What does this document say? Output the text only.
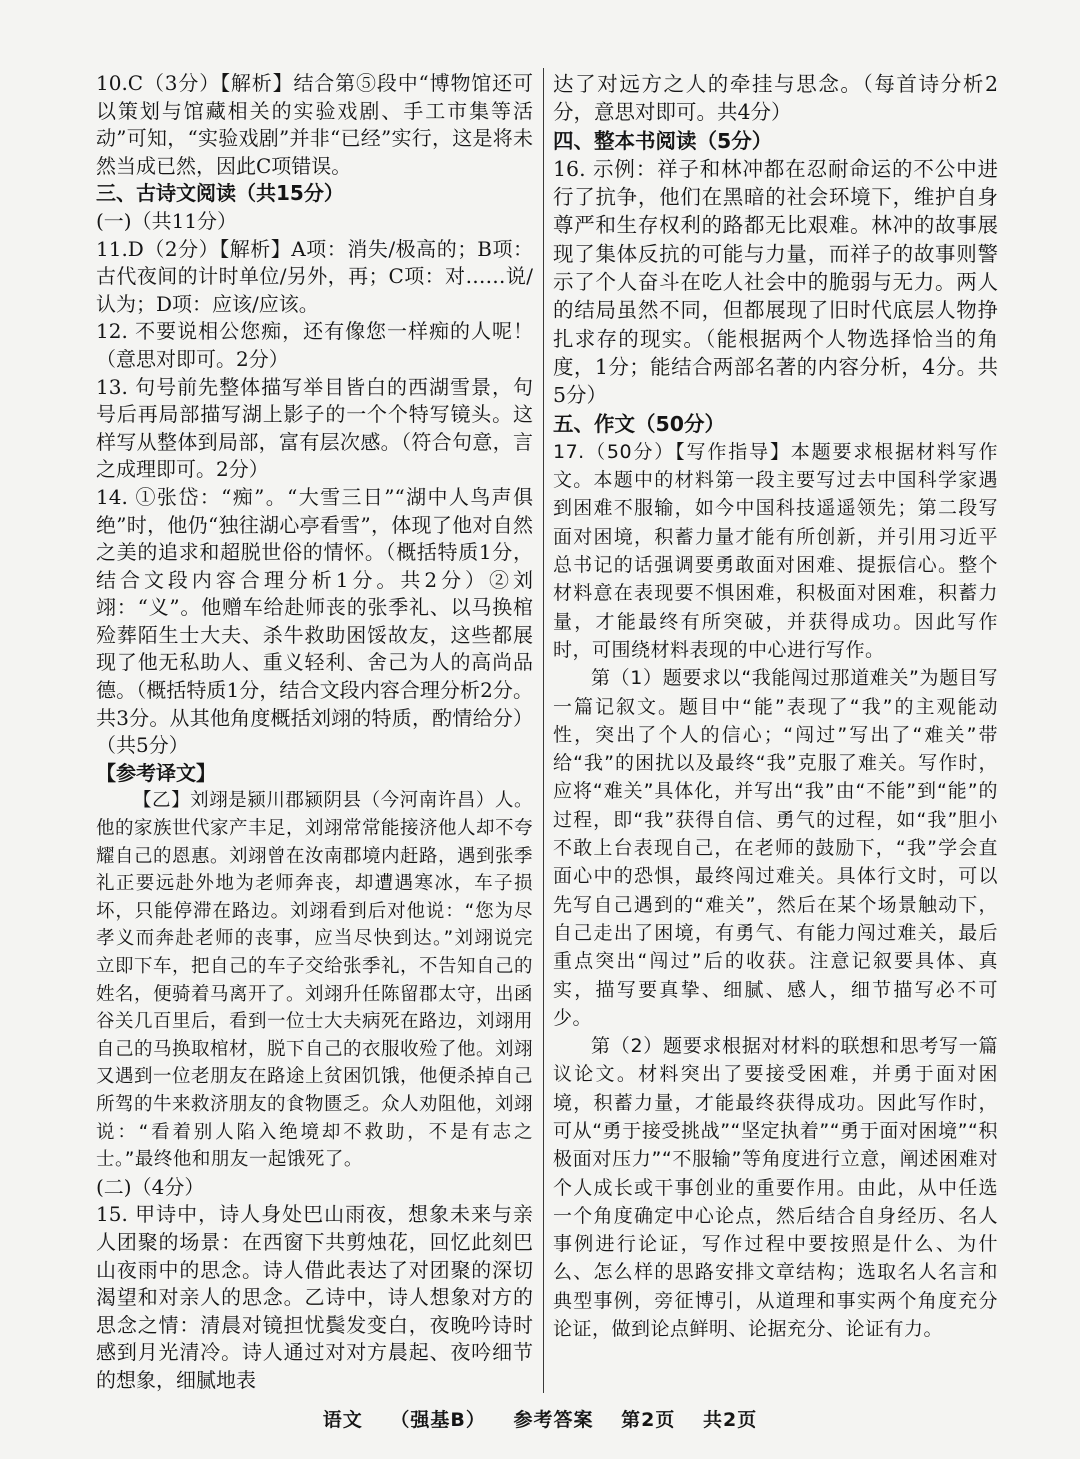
10.C（3分）【解析】结合第⑤段中“博物馆还可以策划与馆藏相关的实验戏剧、手工市集等活动”可知，“实验戏剧”并非“已经”实行，这是将未然当成已然，因此C项错误。

三、古诗文阅读（共15分）

(一)（共11分）

11.D（2分）【解析】A项：消失/极高的；B项：古代夜间的计时单位/另外，再；C项：对……说/认为；D项：应该/应该。

12. 不要说相公您痴，还有像您一样痴的人呢！（意思对即可。2分）

13. 句号前先整体描写举目皆白的西湖雪景，句号后再局部描写湖上影子的一个个特写镜头。这样写从整体到局部，富有层次感。（符合句意，言之成理即可。2分）

14. ①张岱：“痴”。“大雪三日”“湖中人鸟声俱绝”时，他仍“独往湖心亭看雪”，体现了他对自然之美的追求和超脱世俗的情怀。（概括特质1分，结合文段内容合理分析1分。共2分）②刘翊：“义”。他赠车给赴师丧的张季礼、以马换棺殓葬陌生士大夫、杀牛救助困馁故友，这些都展现了他无私助人、重义轻利、舍己为人的高尚品德。（概括特质1分，结合文段内容合理分析2分。共3分。从其他角度概括刘翊的特质，酌情给分）（共5分）

【参考译文】

【乙】刘翊是颍川郡颍阴县（今河南许昌）人。他的家族世代家产丰足，刘翊常常能接济他人却不夸耀自己的恩惠。刘翊曾在汝南郡境内赶路，遇到张季礼正要远赴外地为老师奔丧，却遭遇寒冰，车子损坏，只能停滞在路边。刘翊看到后对他说：“您为尽孝义而奔赴老师的丧事，应当尽快到达。”刘翊说完立即下车，把自己的车子交给张季礼，不告知自己的姓名，便骑着马离开了。刘翊升任陈留郡太守，出函谷关几百里后，看到一位士大夫病死在路边，刘翊用自己的马换取棺材，脱下自己的衣服收殓了他。刘翊又遇到一位老朋友在路途上贫困饥饿，他便杀掉自己所驾的牛来救济朋友的食物匮乏。众人劝阻他，刘翊说：“看着别人陷入绝境却不救助，不是有志之士。”最终他和朋友一起饿死了。

(二)（4分）

15. 甲诗中，诗人身处巴山雨夜，想象未来与亲人团聚的场景：在西窗下共剪烛花，回忆此刻巴山夜雨中的思念。诗人借此表达了对团聚的深切渴望和对亲人的思念。乙诗中，诗人想象对方的思念之情：清晨对镜担忧鬓发变白，夜晚吟诗时感到月光清冷。诗人通过对对方晨起、夜吟细节的想象，细腻地表

达了对远方之人的牵挂与思念。（每首诗分析2分，意思对即可。共4分）

四、整本书阅读（5分）

16. 示例：祥子和林冲都在忍耐命运的不公中进行了抗争，他们在黑暗的社会环境下，维护自身尊严和生存权利的路都无比艰难。林冲的故事展现了集体反抗的可能与力量，而祥子的故事则警示了个人奋斗在吃人社会中的脆弱与无力。两人的结局虽然不同，但都展现了旧时代底层人物挣扎求存的现实。（能根据两个人物选择恰当的角度，1分；能结合两部名著的内容分析，4分。共5分）

五、作文（50分）

17.（50分）【写作指导】本题要求根据材料写作文。本题中的材料第一段主要写过去中国科学家遇到困难不服输，如今中国科技遥遥领先；第二段写面对困境，积蓄力量才能有所创新，并引用习近平总书记的话强调要勇敢面对困难、提振信心。整个材料意在表现要不惧困难，积极面对困难，积蓄力量，才能最终有所突破，并获得成功。因此写作时，可围绕材料表现的中心进行写作。

第（1）题要求以“我能闯过那道难关”为题目写一篇记叙文。题目中“能”表现了“我”的主观能动性，突出了个人的信心；“闯过”写出了“难关”带给“我”的困扰以及最终“我”克服了难关。写作时，应将“难关”具体化，并写出“我”由“不能”到“能”的过程，即“我”获得自信、勇气的过程，如“我”胆小不敢上台表现自己，在老师的鼓励下，“我”学会直面心中的恐惧，最终闯过难关。具体行文时，可以先写自己遇到的“难关”，然后在某个场景触动下，自己走出了困境，有勇气、有能力闯过难关，最后重点突出“闯过”后的收获。注意记叙要具体、真实，描写要真挚、细腻、感人，细节描写必不可少。

第（2）题要求根据对材料的联想和思考写一篇议论文。材料突出了要接受困难，并勇于面对困境，积蓄力量，才能最终获得成功。因此写作时，可从“勇于接受挑战”“坚定执着”“勇于面对困境”“积极面对压力”“不服输”等角度进行立意，阐述困难对个人成长或干事创业的重要作用。由此，从中任选一个角度确定中心论点，然后结合自身经历、名人事例进行论证，写作过程中要按照是什么、为什么、怎么样的思路安排文章结构；选取名人名言和典型事例，旁征博引，从道理和事实两个角度充分论证，做到论点鲜明、论据充分、论证有力。

语文 （强基B） 参考答案 第2页 共2页
